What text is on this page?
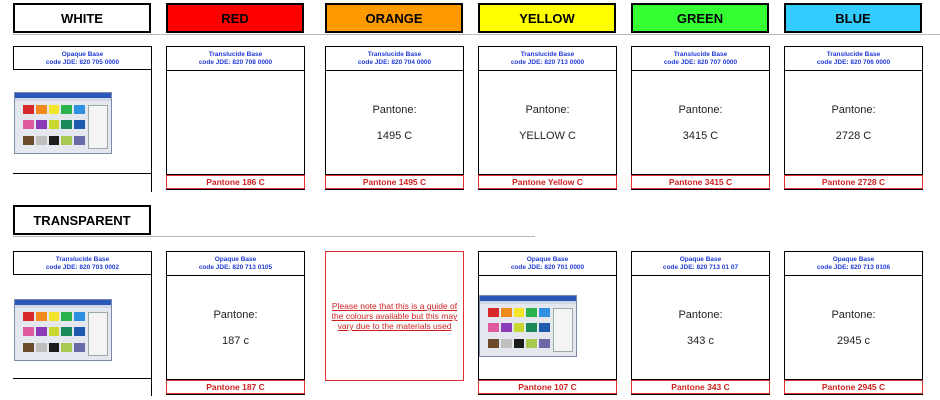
WHITE	RED	ORANGE	YELLOW	GREEN	BLUE
Opaque Base
code JDE: 820 705 0000
Translucide Base
code JDE: 820 708 0000
Pantone 186 C
Translucide Base
code JDE: 820 704 0000
Pantone:
1495 C
Pantone 1495 C
Translucide Base
code JDE: 820 713 0000
Pantone:
YELLOW C
Pantone Yellow C
Translucide Base
code JDE: 820 707 0000
Pantone:
3415 C
Pantone 3415 C
Translucide Base
code JDE: 820 706 0000
Pantone:
2728 C
Pantone 2728 C
TRANSPARENT
Translucide Base
code JDE: 820 703 0002
Opaque Base
code JDE: 820 713 0105
Pantone:
187 c
Pantone 187 C
Please note that this is a guide of the colours available but this may vary due to the materials used
Opaque Base
code JDE: 820 701 0000
Pantone 107 C
Opaque Base
code JDE: 820 713 01 07
Pantone:
343 c
Pantone 343 C
Opaque Base
code JDE: 820 713 0106
Pantone:
2945 c
Pantone 2945 C
